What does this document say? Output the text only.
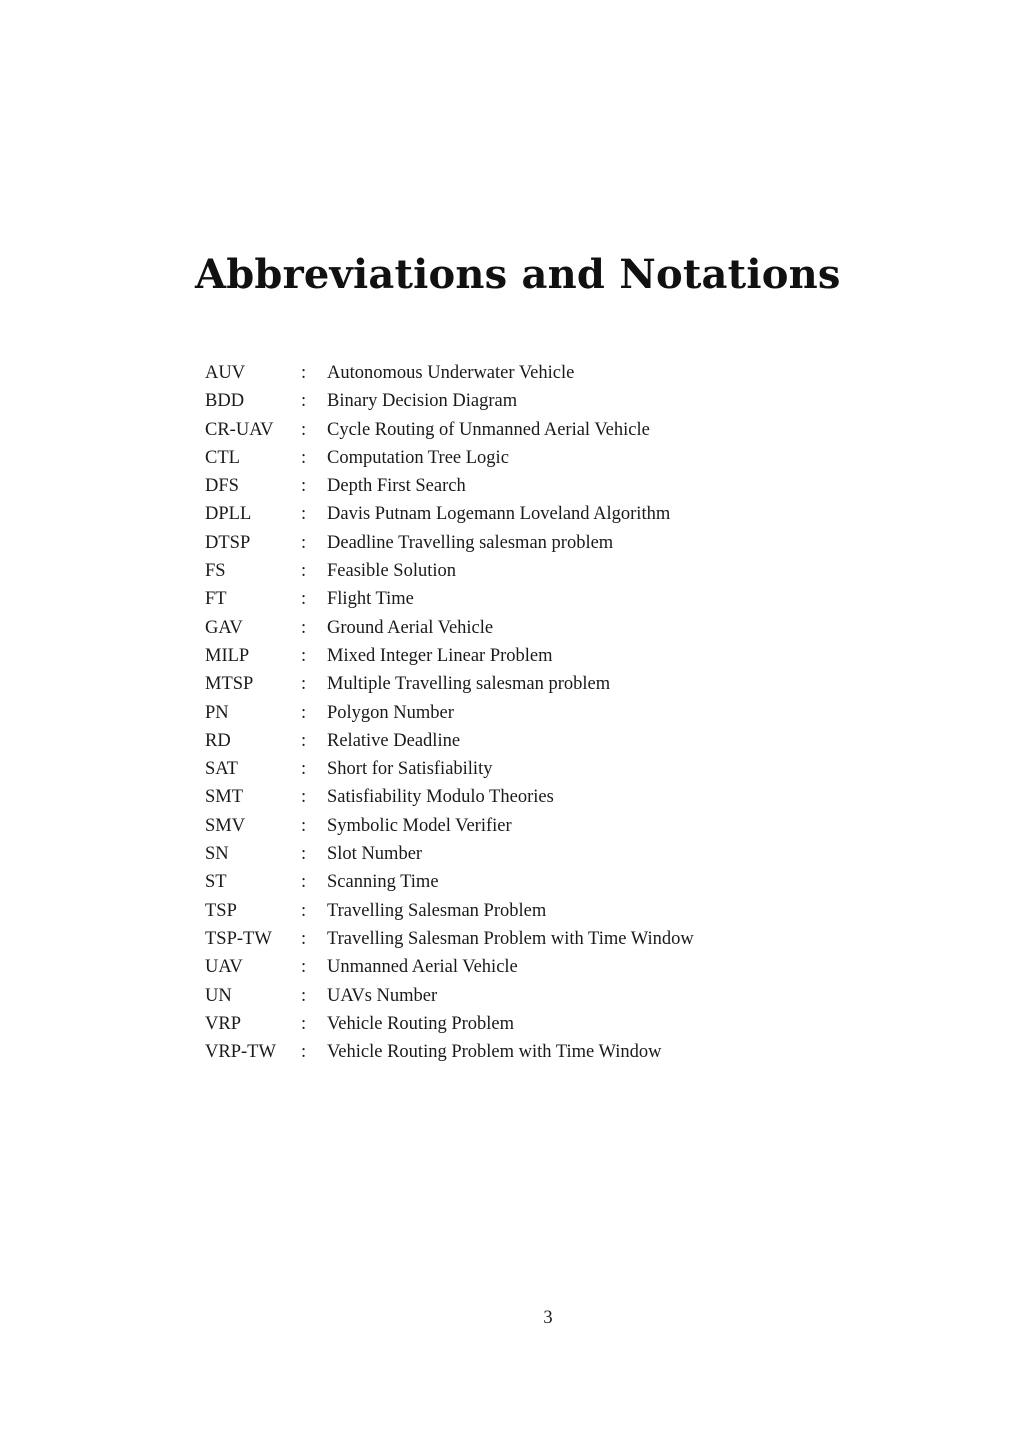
Abbreviations and Notations
AUV	:	Autonomous Underwater Vehicle
BDD	:	Binary Decision Diagram
CR-UAV	:	Cycle Routing of Unmanned Aerial Vehicle
CTL	:	Computation Tree Logic
DFS	:	Depth First Search
DPLL	:	Davis Putnam Logemann Loveland Algorithm
DTSP	:	Deadline Travelling salesman problem
FS	:	Feasible Solution
FT	:	Flight Time
GAV	:	Ground Aerial Vehicle
MILP	:	Mixed Integer Linear Problem
MTSP	:	Multiple Travelling salesman problem
PN	:	Polygon Number
RD	:	Relative Deadline
SAT	:	Short for Satisfiability
SMT	:	Satisfiability Modulo Theories
SMV	:	Symbolic Model Verifier
SN	:	Slot Number
ST	:	Scanning Time
TSP	:	Travelling Salesman Problem
TSP-TW	:	Travelling Salesman Problem with Time Window
UAV	:	Unmanned Aerial Vehicle
UN	:	UAVs Number
VRP	:	Vehicle Routing Problem
VRP-TW	:	Vehicle Routing Problem with Time Window
3
